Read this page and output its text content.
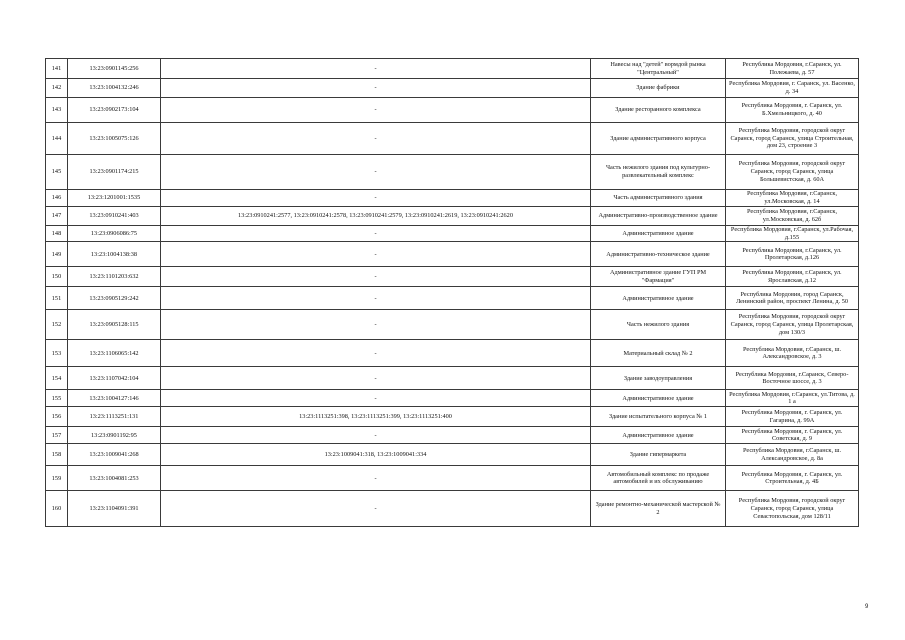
141	13:23:0901145:256	-	Навесы над "детей" вормдой рынка "Центральный"	Республика Мордовия, г.Саранск, ул. Полежаева, д. 57
142	13:23:1004132:246	-	Здание фабрики	Республика Мордовия, г. Саранск, ул. Васенко, д. 34
143	13:23:0902173:104	-	Здание ресторанного комплекса	Республика Мордовия, г. Саранск, ул. Б.Хмельницкого, д. 40
144	13:23:1005075:126	-	Здание административного корпуса	Республика Мордовия, городской округ Саранск, город Саранск, улица Строительная, дом 23, строение 3
145	13:23:0901174:215	-	Часть нежилого здания под культурно-развлекательный комплекс	Республика Мордовия, городской округ Саранск, город Саранск, улица Большевистская, д. 60А
146	13:23:1201001:1535	-	Часть административного здания	Республика Мордовия, г.Саранск, ул.Московская, д. 14
147	13:23:0910241:403	13:23:0910241:2577, 13:23:0910241:2578, 13:23:0910241:2579, 13:23:0910241:2619, 13:23:0910241:2620	Административно-производственное здание	Республика Мордовия, г.Саранск, ул.Московская, д. 62б
148	13:23:0906086:75	-	Административное здание	Республика Мордовия, г.Саранск, ул.Рабочая, д.155
149	13:23:1004138:38	-	Административно-техническое здание	Республика Мордовия, г.Саранск, ул. Пролетарская, д.126
150	13:23:1101203:632	-	Административное здание ГУП РМ "Фармация"	Республика Мордовия, г.Саранск, ул. Ярославская, д.12
151	13:23:0905129:242	-	Административное здание	Республика Мордовия, город Саранск, Ленинский район, проспект Ленина, д. 50
152	13:23:0905128:115	-	Часть нежилого здания	Республика Мордовия, городской округ Саранск, город Саранск, улица Пролетарская, дом 130/3
153	13:23:1106065:142	-	Материальный склад № 2	Республика Мордовия, г.Саранск, ш. Александровское, д. 3
154	13:23:1107042:104	-	Здание заводоуправления	Республика Мордовия, г.Саранск, Северо-Восточное шоссе, д. 3
155	13:23:1004127:146	-	Административное здание	Республика Мордовия, г.Саранск, ул.Титова, д. 1 а
156	13:23:1113251:131	13:23:1113251:398, 13:23:1113251:399, 13:23:1113251:400	Здание испытательного корпуса № 1	Республика Мордовия, г. Саранск, ул. Гагарина, д. 99А
157	13:23:0901192:95	-	Административное здание	Республика Мордовия, г. Саранск, ул. Советская, д. 9
158	13:23:1009041:268	13:23:1009041:318, 13:23:1009041:334	Здание гипермаркета	Республика Мордовия, г.Саранск, ш. Александровское, д. 8а
159	13:23:1004081:253	-	Автомобильный комплекс по продаже автомобилей и их обслуживанию	Республика Мордовия, г. Саранск, ул. Строительная, д. 4Б
160	13:23:1104091:391	-	Здание ремонтно-механической мастерской № 2	Республика Мордовия, городской округ Саранск, город Саранск, улица Севастопольская, дом 128/11
9
